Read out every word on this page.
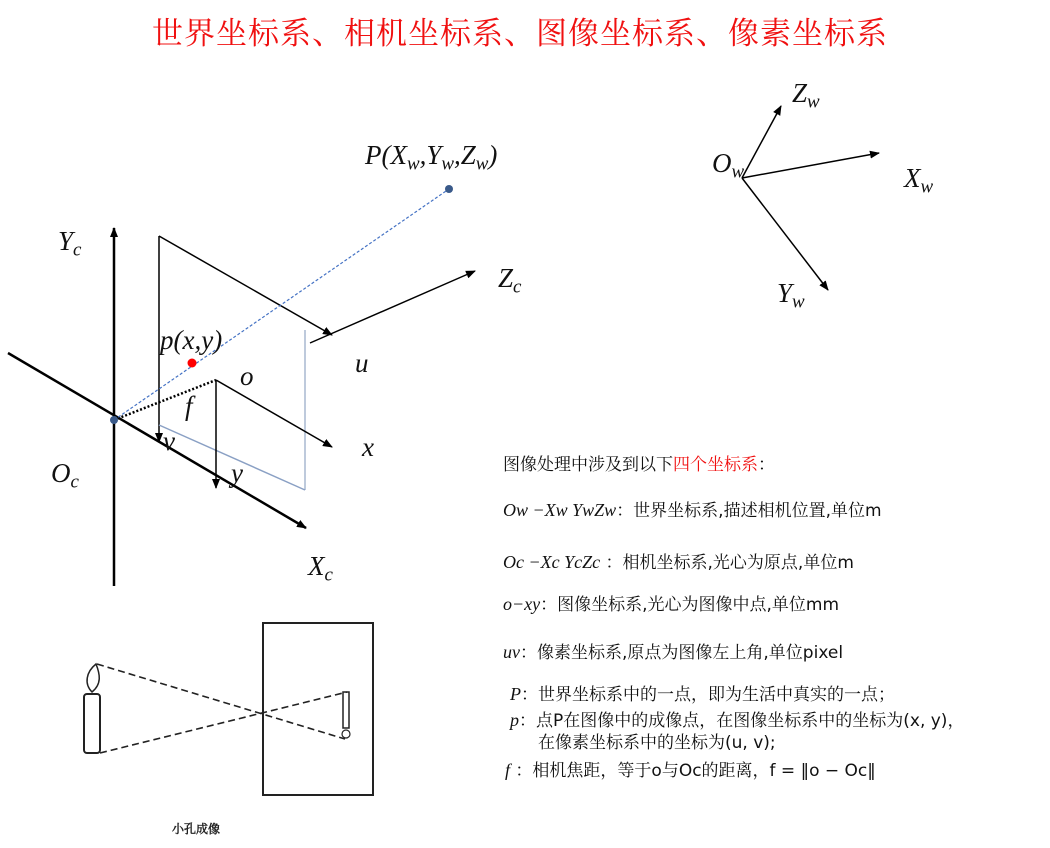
世界坐标系、相机坐标系、图像坐标系、像素坐标系
$P(X_w,Y_w,Z_w)$
p(x,y)
$Y_c$
$Z_c$
$X_c$
$O_c$
u
v
o
x
y
f
$Z_w$
$O_w$	$X_w$
$Y_w$
小孔成像
图像处理中涉及到以下四个坐标系：
Ow −Xw YwZw：世界坐标系,描述相机位置,单位m
Oc −Xc YcZc ：相机坐标系,光心为原点,单位m
o−xy：图像坐标系,光心为图像中点,单位mm
uv：像素坐标系,原点为图像左上角,单位pixel
P：世界坐标系中的一点，即为生活中真实的一点；
p：点P在图像中的成像点，在图像坐标系中的坐标为(x, y)，
在像素坐标系中的坐标为(u, v);
f ：相机焦距，等于o与Oc的距离，f = ‖o − Oc‖
